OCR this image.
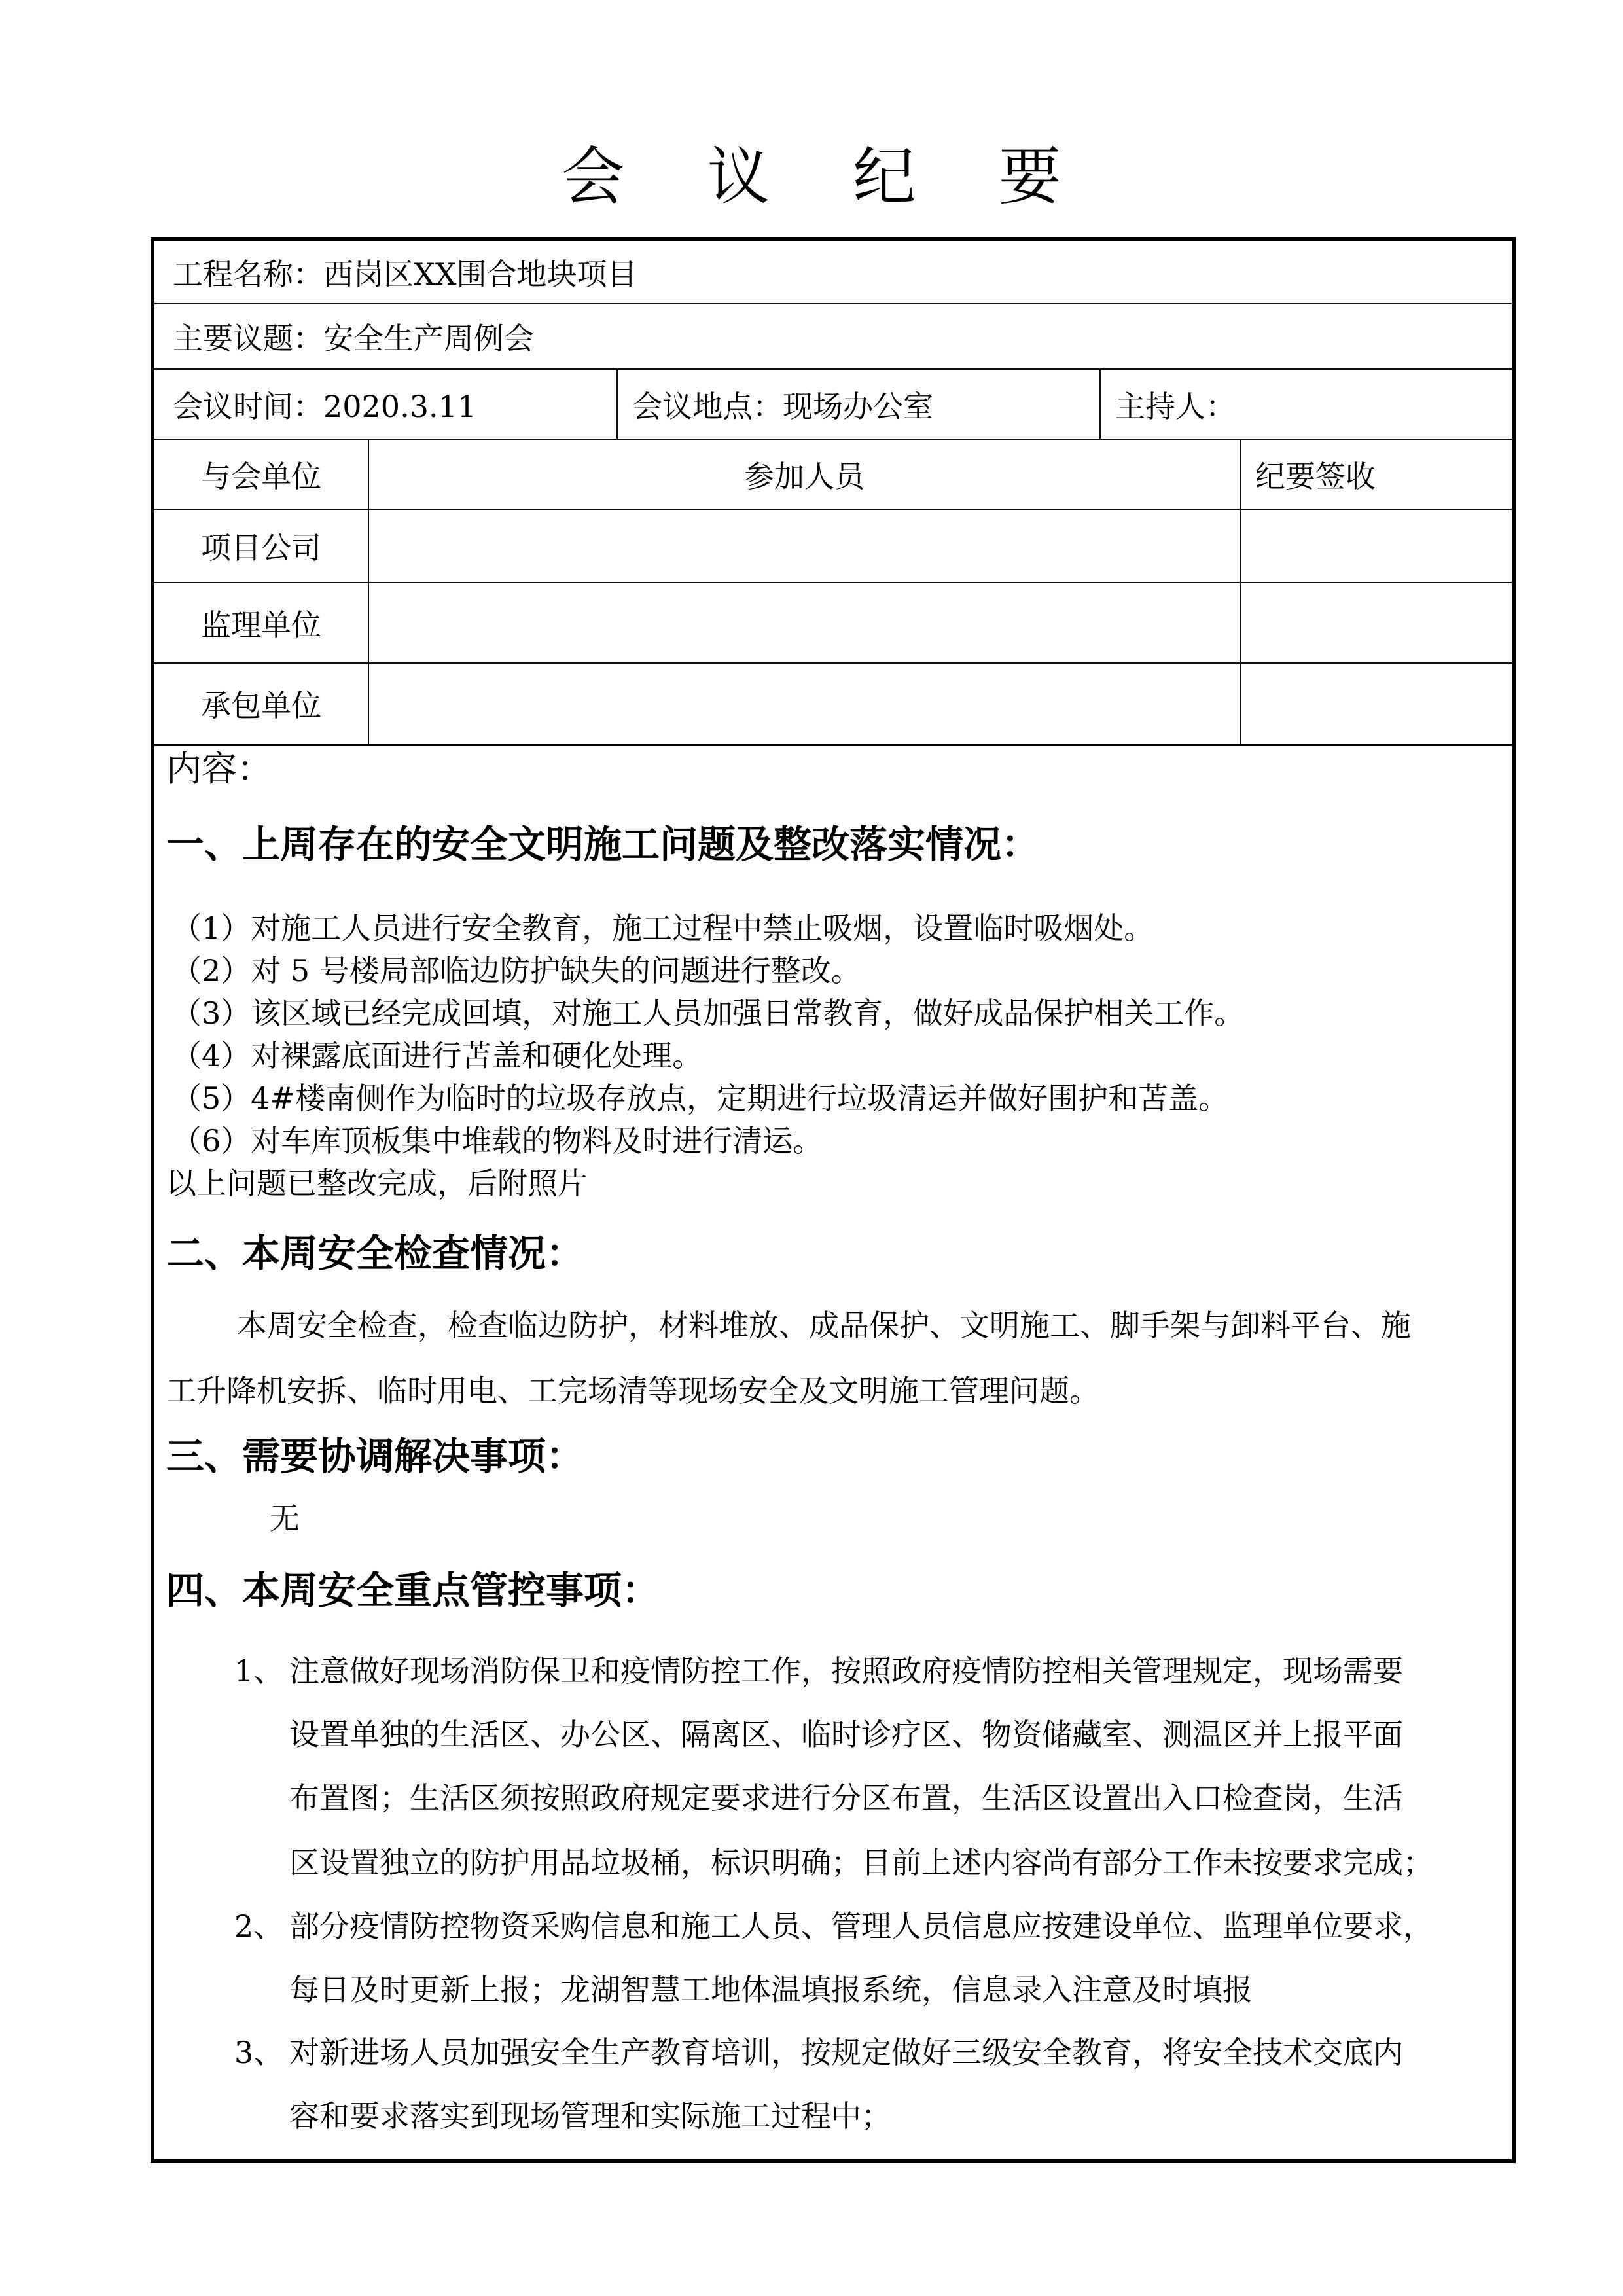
会 议 纪 要
工程名称：西岗区XX围合地块项目
主要议题：安全生产周例会
会议时间：2020.3.11	会议地点：现场办公室	主持人：
与会单位	参加人员	纪要签收
项目公司
监理单位
承包单位
内容：
一、上周存在的安全文明施工问题及整改落实情况：
（1）对施工人员进行安全教育，施工过程中禁止吸烟，设置临时吸烟处。
（2）对 5 号楼局部临边防护缺失的问题进行整改。
（3）该区域已经完成回填，对施工人员加强日常教育，做好成品保护相关工作。
（4）对裸露底面进行苫盖和硬化处理。
（5）4#楼南侧作为临时的垃圾存放点，定期进行垃圾清运并做好围护和苫盖。
（6）对车库顶板集中堆载的物料及时进行清运。
以上问题已整改完成，后附照片
二、本周安全检查情况：
本周安全检查，检查临边防护，材料堆放、成品保护、文明施工、脚手架与卸料平台、施
工升降机安拆、临时用电、工完场清等现场安全及文明施工管理问题。
三、需要协调解决事项：
无
四、本周安全重点管控事项：
1、 注意做好现场消防保卫和疫情防控工作，按照政府疫情防控相关管理规定，现场需要
设置单独的生活区、办公区、隔离区、临时诊疗区、物资储藏室、测温区并上报平面
布置图；生活区须按照政府规定要求进行分区布置，生活区设置出入口检查岗，生活
区设置独立的防护用品垃圾桶，标识明确；目前上述内容尚有部分工作未按要求完成；
2、 部分疫情防控物资采购信息和施工人员、管理人员信息应按建设单位、监理单位要求，
每日及时更新上报；龙湖智慧工地体温填报系统，信息录入注意及时填报
3、 对新进场人员加强安全生产教育培训，按规定做好三级安全教育，将安全技术交底内
容和要求落实到现场管理和实际施工过程中；
